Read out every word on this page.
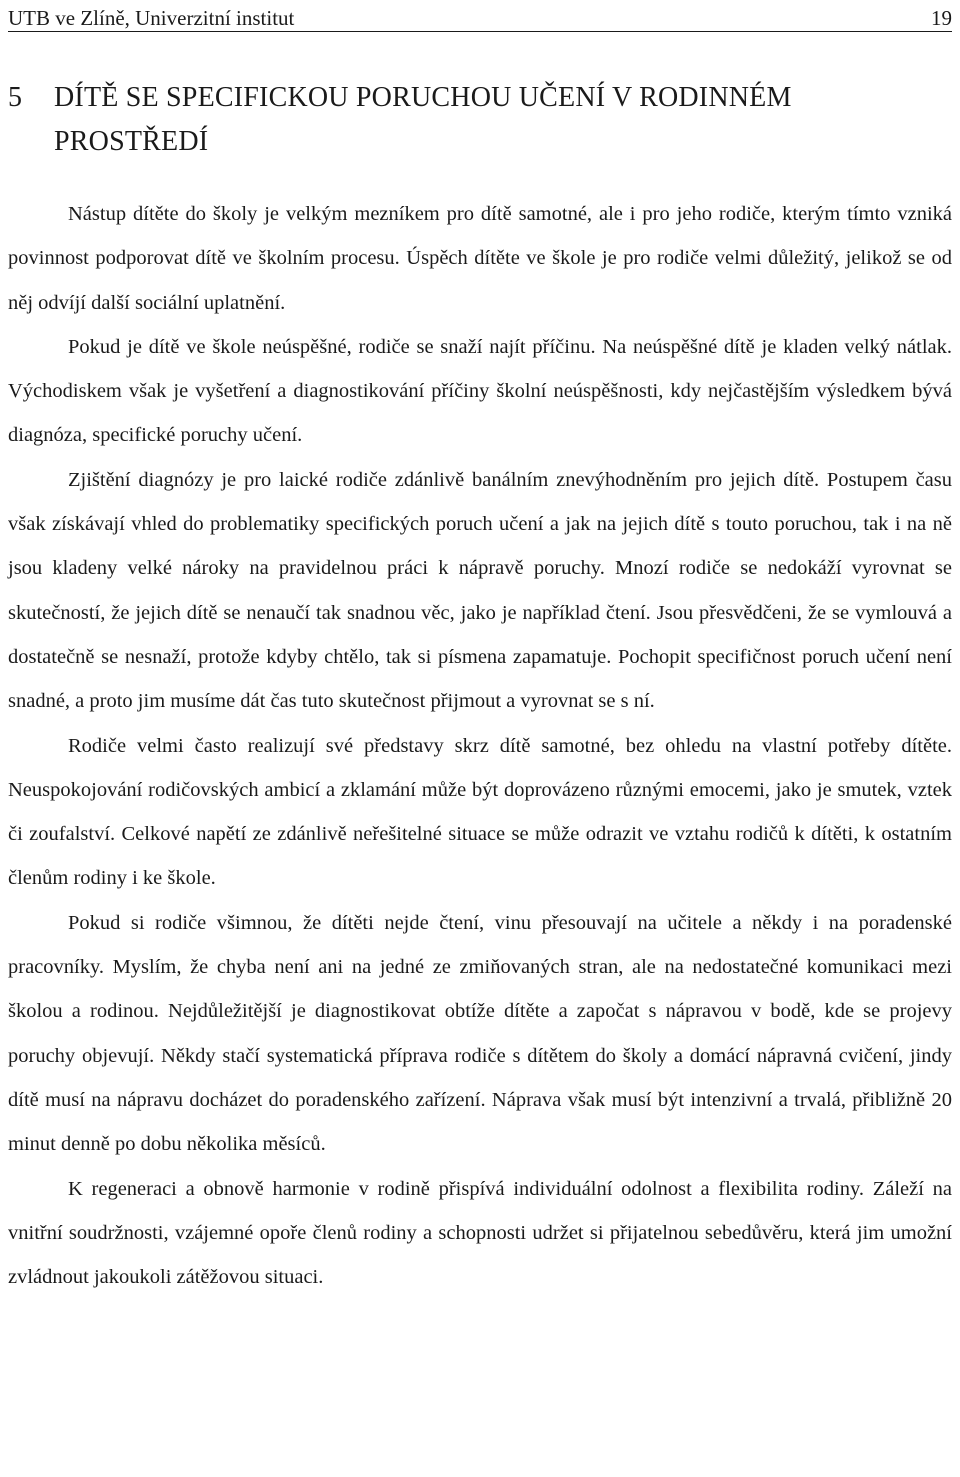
UTB ve Zlíně, Univerzitní institut	19
5	DÍTĚ SE SPECIFICKOU PORUCHOU UČENÍ V RODINNÉM PROSTŘEDÍ

Nástup dítěte do školy je velkým mezníkem pro dítě samotné, ale i pro jeho rodiče, kterým tímto vzniká povinnost podporovat dítě ve školním procesu. Úspěch dítěte ve škole je pro rodiče velmi důležitý, jelikož se od něj odvíjí další sociální uplatnění.

Pokud je dítě ve škole neúspěšné, rodiče se snaží najít příčinu. Na neúspěšné dítě je kladen velký nátlak. Východiskem však je vyšetření a diagnostikování příčiny školní neúspěšnosti, kdy nejčastějším výsledkem bývá diagnóza, specifické poruchy učení.

Zjištění diagnózy je pro laické rodiče zdánlivě banálním znevýhodněním pro jejich dítě. Postupem času však získávají vhled do problematiky specifických poruch učení a jak na jejich dítě s touto poruchou, tak i na ně jsou kladeny velké nároky na pravidelnou práci k nápravě poruchy. Mnozí rodiče se nedokáží vyrovnat se skutečností, že jejich dítě se nenaučí tak snadnou věc, jako je například čtení. Jsou přesvědčeni, že se vymlouvá a dostatečně se nesnaží, protože kdyby chtělo, tak si písmena zapamatuje. Pochopit specifičnost poruch učení není snadné, a proto jim musíme dát čas tuto skutečnost přijmout a vyrovnat se s ní.

Rodiče velmi často realizují své představy skrz dítě samotné, bez ohledu na vlastní potřeby dítěte. Neuspokojování rodičovských ambicí a zklamání může být doprovázeno různými emocemi, jako je smutek, vztek či zoufalství. Celkové napětí ze zdánlivě neřešitelné situace se může odrazit ve vztahu rodičů k dítěti, k ostatním členům rodiny i ke škole.

Pokud si rodiče všimnou, že dítěti nejde čtení, vinu přesouvají na učitele a někdy i na poradenské pracovníky. Myslím, že chyba není ani na jedné ze zmiňovaných stran, ale na nedostatečné komunikaci mezi školou a rodinou. Nejdůležitější je diagnostikovat obtíže dítěte a započat s nápravou v bodě, kde se projevy poruchy objevují. Někdy stačí systematická příprava rodiče s dítětem do školy a domácí nápravná cvičení, jindy dítě musí na nápravu docházet do poradenského zařízení. Náprava však musí být intenzivní a trvalá, přibližně 20 minut denně po dobu několika měsíců.

K regeneraci a obnově harmonie v rodině přispívá individuální odolnost a flexibilita rodiny. Záleží na vnitřní soudržnosti, vzájemné opoře členů rodiny a schopnosti udržet si přijatelnou sebedůvěru, která jim umožní zvládnout jakoukoli zátěžovou situaci.
